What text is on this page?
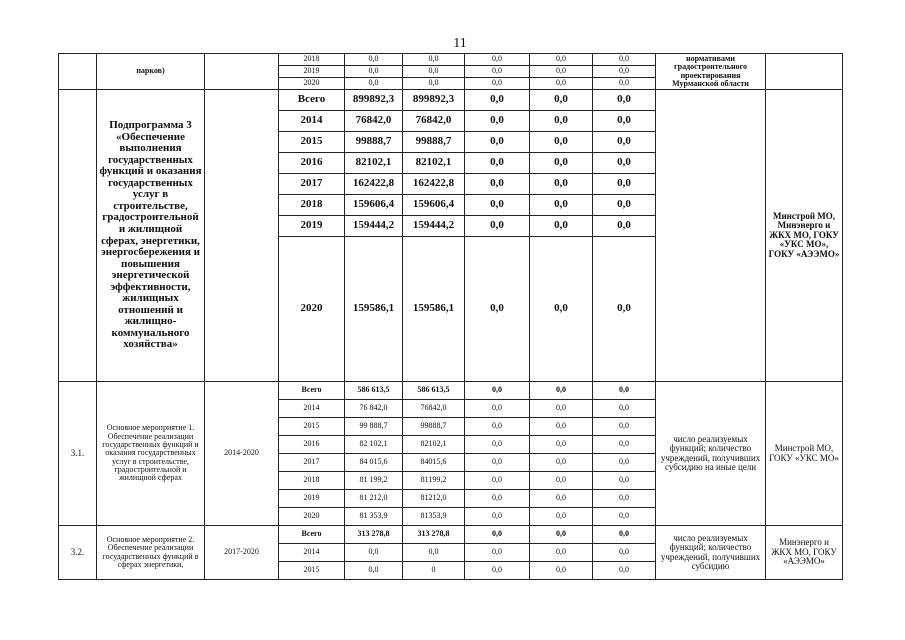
11
	парков)		2018	0,0	0,0	0,0	0,0	0,0	нормативами градостроительного проектирования Мурманской области	
			2019	0,0	0,0	0,0	0,0	0,0		
			2020	0,0	0,0	0,0	0,0	0,0		
	Подпрограмма 3 «Обеспечение выполнения государственных функций и оказания государственных услуг в строительстве, градостроительной и жилищной сферах, энергетики, энергосбережения и повышения энергетической эффективности, жилищных отношений и жилищно-коммунального хозяйства»		Всего	899892,3	899892,3	0,0	0,0	0,0		Минстрой МО, Минэнерго и ЖКХ МО, ГОКУ «УКС МО», ГОКУ «АЭЭМО»
			2014	76842,0	76842,0	0,0	0,0	0,0		
			2015	99888,7	99888,7	0,0	0,0	0,0		
			2016	82102,1	82102,1	0,0	0,0	0,0		
			2017	162422,8	162422,8	0,0	0,0	0,0		
			2018	159606,4	159606,4	0,0	0,0	0,0		
			2019	159444,2	159444,2	0,0	0,0	0,0		
			2020	159586,1	159586,1	0,0	0,0	0,0		
3.1.	Основное мероприятие 1. Обеспечение реализации государственных функций и оказания государственных услуг в строительстве, градостроительной и жилищной сферах	2014-2020	Всего	586 613,5	586 613,5	0,0	0,0	0,0	число реализуемых функций; количество учреждений, получивших субсидию на иные цели	Минстрой МО, ГОКУ «УКС МО»
			2014	76 842,0	76842,0	0,0	0,0	0,0		
			2015	99 888,7	99888,7	0,0	0,0	0,0		
			2016	82 102,1	82102,1	0,0	0,0	0,0		
			2017	84 015,6	84015,6	0,0	0,0	0,0		
			2018	81 199,2	81199,2	0,0	0,0	0,0		
			2019	81 212,0	81212,0	0,0	0,0	0,0		
			2020	81 353,9	81353,9	0,0	0,0	0,0		
3.2.	Основное мероприятие 2. Обеспечение реализации государственных функций в сферах энергетики,	2017-2020	Всего	313 278,8	313 278,8	0,0	0,0	0,0	число реализуемых функций; количество учреждений, получивших субсидию	Минэнерго и ЖКХ МО, ГОКУ «АЭЭМО»
			2014	0,0	0,0	0,0	0,0	0,0		
			2015	0,0	0	0,0	0,0	0,0		
